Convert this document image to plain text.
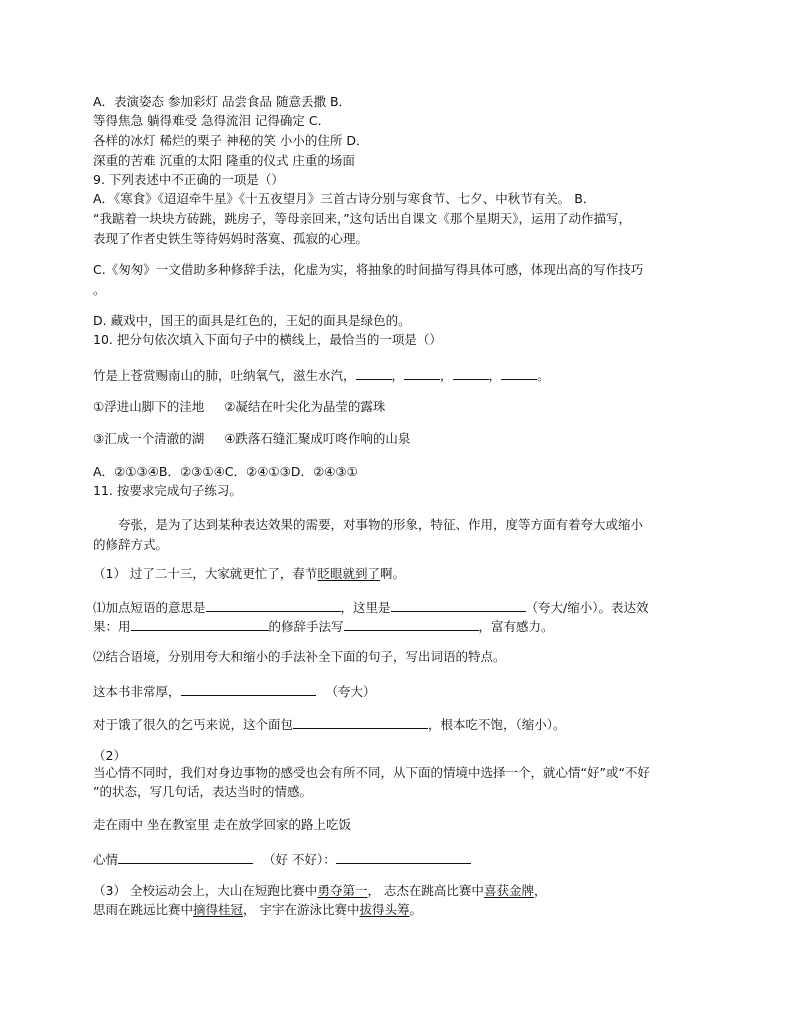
A．表演姿态 参加彩灯 品尝食品 随意丢撒 B．
等得焦急 躺得难受 急得流泪 记得确定 C．
各样的冰灯 稀烂的栗子 神秘的笑 小小的住所 D．
深重的苦难 沉重的太阳 隆重的仪式 庄重的场面
9. 下列表述中不正确的一项是（）
A．《寒食》《迢迢牵牛星》《十五夜望月》三首古诗分别与寒食节、七夕、中秋节有关。 B．
“我踮着一块块方砖跳，跳房子，等母亲回来，”这句话出自课文《那个星期天》，运用了动作描写，
表现了作者史铁生等待妈妈时落寞、孤寂的心理。
C.《匆匆》一文借助多种修辞手法，化虚为实，将抽象的时间描写得具体可感，体现出高的写作技巧
。
D. 藏戏中，国王的面具是红色的，王妃的面具是绿色的。
10. 把分句依次填入下面句子中的横线上，最恰当的一项是（）
竹是上苍赏赐南山的肺，吐纳氧气，滋生水汽，	，	，	，	。
①浮进山脚下的洼地 ②凝结在叶尖化为晶莹的露珠
③汇成一个清澈的湖 ④跌落石缝汇聚成叮咚作响的山泉
A．②①③④B．②③①④C．②④①③D．②④③①
11. 按要求完成句子练习。
夸张，是为了达到某种表达效果的需要，对事物的形象，特征、作用，度等方面有着夸大或缩小
的修辞方式。
（1） 过了二十三，大家就更忙了，春节眨眼就到了啊。
⑴加点短语的意思是	，这里是	（夸大/缩小）。表达效
果：用	的修辞手法写	，富有感力。
⑵结合语境，分别用夸大和缩小的手法补全下面的句子，写出词语的特点。
这本书非常厚，	（夸大）
对于饿了很久的乞丐来说，这个面包	，根本吃不饱，（缩小）。
（2）
当心情不同时，我们对身边事物的感受也会有所不同，从下面的情境中选择一个，就心情“好”或“不好
”的状态，写几句话，表达当时的情感。
走在雨中 坐在教室里 走在放学回家的路上吃饭
心情	（好 不好）：
（3） 全校运动会上，大山在短跑比赛中勇夺第一， 志杰在跳高比赛中喜获金牌，
思雨在跳远比赛中摘得桂冠， 宇宇在游泳比赛中拔得头筹。
